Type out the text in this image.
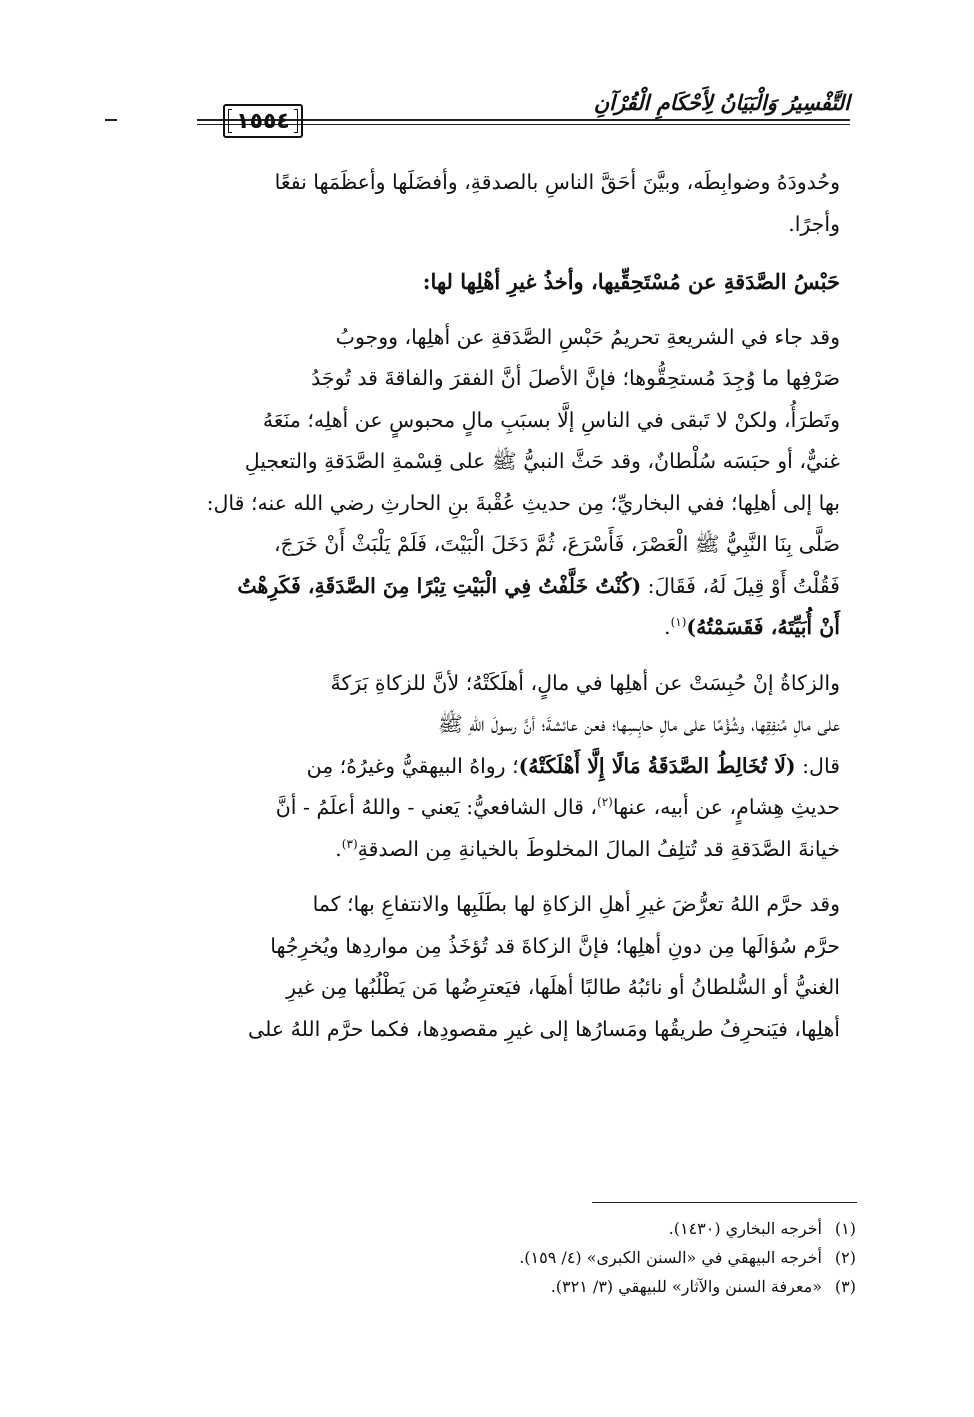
التَّفْسِيرُ وَالْبَيَانُ لِأَحْكَامِ الْقُرْآنِ
١٥٥٤

وحُدودَهُ وضوابِطَه، وبيَّنَ أحَقَّ الناسِ بالصدقةِ، وأفضَلَها وأعظَمَها نفعًا
وأجرًا.

حَبْسُ الصَّدَقةِ عن مُسْتَحِقِّيها، وأخذُ غيرِ أهْلِها لها:

وقد جاء في الشريعةِ تحريمُ حَبْسِ الصَّدَقةِ عن أهلِها، ووجوبُ
صَرْفِها ما وُجِدَ مُستحِقُّوها؛ فإنَّ الأصلَ أنَّ الفقرَ والفاقةَ قد تُوجَدُ
وتَطرَأُ، ولكنْ لا تَبقى في الناسِ إلَّا بسبَبِ مالٍ محبوسٍ عن أهلِه؛ منَعَهُ
غنيٌّ، أو حبَسَه سُلْطانٌ، وقد حَثَّ النبيُّ ﷺ على قِسْمةِ الصَّدَقةِ والتعجيلِ
بها إلى أهلِها؛ ففي البخاريِّ؛ مِن حديثِ عُقْبةَ بنِ الحارثِ رضي الله عنه؛ قال:
صَلَّى بِنَا النَّبِيُّ ﷺ الْعَصْرَ، فَأَسْرَعَ، ثُمَّ دَخَلَ الْبَيْتَ، فَلَمْ يَلْبَثْ أَنْ خَرَجَ،
فَقُلْتُ أَوْ قِيلَ لَهُ، فَقَالَ: (كُنْتُ خَلَّفْتُ فِي الْبَيْتِ تِبْرًا مِنَ الصَّدَقَةِ، فَكَرِهْتُ
أَنْ أُبَيِّتَهُ، فَقَسَمْتُهُ)$^{(١)}$.

والزكاةُ إنْ حُبِسَتْ عن أهلِها في مالٍ، أهلَكَتْهُ؛ لأنَّ للزكاةِ بَرَكةً
على مالِ مُنفِقِها، وشُؤْمًا على مالِ حابِسِها؛ فعن عائشةَ؛ أنَّ رسولَ اللهِ ﷺ
قال: (لَا تُخَالِطُ الصَّدَقَةُ مَالًا إِلَّا أَهْلَكَتْهُ)؛ رواهُ البيهقيُّ وغيرُهُ؛ مِن
حديثِ هِشامٍ، عن أبيه، عنها$^{(٢)}$، قال الشافعيُّ: يَعني - واللهُ أعلَمُ - أنَّ
خيانةَ الصَّدَقةِ قد تُتلِفُ المالَ المخلوطَ بالخيانةِ مِن الصدقةِ$^{(٣)}$.

وقد حرَّم اللهُ تعرُّضَ غيرِ أهلِ الزكاةِ لها بطَلَبِها والانتفاعِ بها؛ كما
حرَّم سُؤالَها مِن دونِ أهلِها؛ فإنَّ الزكاةَ قد تُؤخَذُ مِن مواردِها ويُخرِجُها
الغنيُّ أو السُّلطانُ أو نائبُهُ طالبًا أهلَها، فيَعترِضُها مَن يَطْلُبُها مِن غيرِ
أهلِها، فيَنحرِفُ طريقُها ومَسارُها إلى غيرِ مقصودِها، فكما حرَّم اللهُ على

(١)أخرجه البخاري (١٤٣٠).
(٢)أخرجه البيهقي في «السنن الكبرى» (٤/ ١٥٩).
(٣)«معرفة السنن والآثار» للبيهقي (٣/ ٣٢١).
